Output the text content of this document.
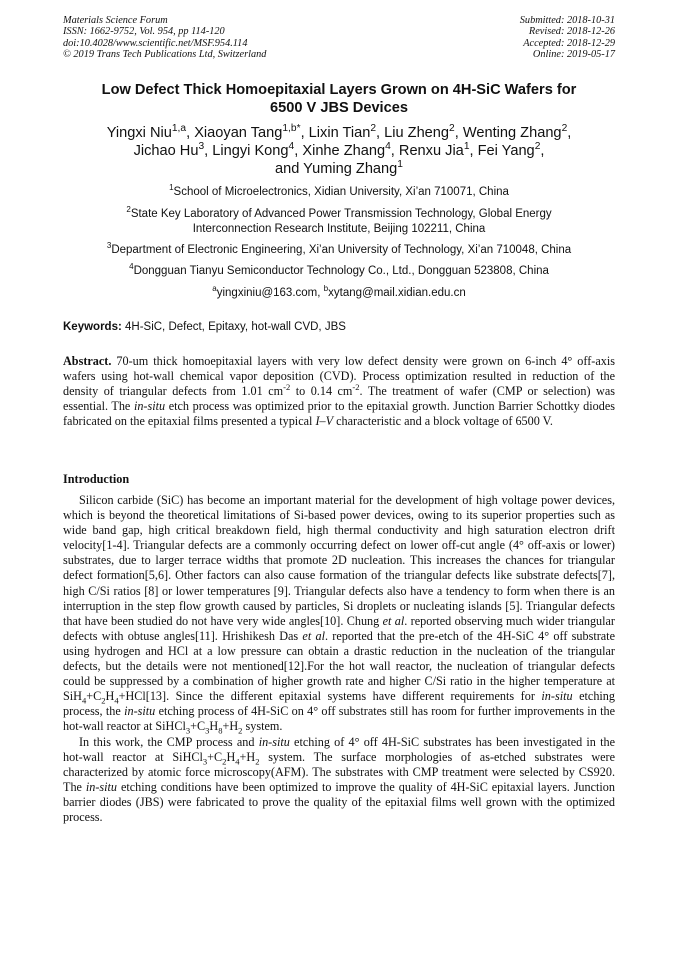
Materials Science Forum
ISSN: 1662-9752, Vol. 954, pp 114-120
doi:10.4028/www.scientific.net/MSF.954.114
© 2019 Trans Tech Publications Ltd, Switzerland
Submitted: 2018-10-31
Revised: 2018-12-26
Accepted: 2018-12-29
Online: 2019-05-17
Low Defect Thick Homoepitaxial Layers Grown on 4H-SiC Wafers for
6500 V JBS Devices
Yingxi Niu$^{1,a}$, Xiaoyan Tang$^{1,b*}$, Lixin Tian$^2$, Liu Zheng$^2$, Wenting Zhang$^2$,
Jichao Hu$^3$, Lingyi Kong$^4$, Xinhe Zhang$^4$, Renxu Jia$^1$, Fei Yang$^2$,
and Yuming Zhang$^1$
$^1$School of Microelectronics, Xidian University, Xi’an 710071, China
$^2$State Key Laboratory of Advanced Power Transmission Technology, Global Energy
Interconnection Research Institute, Beijing 102211, China
$^3$Department of Electronic Engineering, Xi’an University of Technology, Xi’an 710048, China
$^4$Dongguan Tianyu Semiconductor Technology Co., Ltd., Dongguan 523808, China
$^a$yingxiniu@163.com, $^b$xytang@mail.xidian.edu.cn
Keywords: 4H-SiC, Defect, Epitaxy, hot-wall CVD, JBS
Abstract. 70-um thick homoepitaxial layers with very low defect density were grown on 6-inch 4° off-axis wafers using hot-wall chemical vapor deposition (CVD). Process optimization resulted in reduction of the density of triangular defects from 1.01 $cm^{-2}$ to 0.14 $cm^{-2}$. The treatment of wafer (CMP or selection) was essential. The in-situ etch process was optimized prior to the epitaxial growth. Junction Barrier Schottky diodes fabricated on the epitaxial films presented a typical I–V characteristic and a block voltage of 6500 V.
Introduction

Silicon carbide (SiC) has become an important material for the development of high voltage power devices, which is beyond the theoretical limitations of Si-based power devices, owing to its superior properties such as wide band gap, high critical breakdown field, high thermal conductivity and high saturation electron drift velocity[1-4]. Triangular defects are a commonly occurring defect on lower off-cut angle (4° off-axis or lower) substrates, due to larger terrace widths that promote 2D nucleation. This increases the chances for triangular defect formation[5,6]. Other factors can also cause formation of the triangular defects like substrate defects[7], high C/Si ratios [8] or lower temperatures [9]. Triangular defects also have a tendency to form when there is an interruption in the step flow growth caused by particles, Si droplets or nucleating islands [5]. Triangular defects that have been studied do not have very wide angles[10]. Chung et al. reported observing much wider triangular defects with obtuse angles[11]. Hrishikesh Das et al. reported that the pre-etch of the 4H-SiC 4° off substrate using hydrogen and HCl at a low pressure can obtain a drastic reduction in the nucleation of the triangular defects, but the details were not mentioned[12].For the hot wall reactor, the nucleation of triangular defects could be suppressed by a combination of higher growth rate and higher C/Si ratio in the higher temperature at $SiH_4+C_2H_4+HCl[13]$. Since the different epitaxial systems have different requirements for in-situ etching process, the in-situ etching process of 4H-SiC on 4° off substrates still has room for further improvements in the hot-wall reactor at $SiHCl_3+C_3H_8+H_2$ system.

In this work, the CMP process and in-situ etching of 4° off 4H-SiC substrates has been investigated in the hot-wall reactor at $SiHCl_3+C_2H_4+H_2$ system. The surface morphologies of as-etched substrates were characterized by atomic force microscopy(AFM). The substrates with CMP treatment were selected by CS920. The in-situ etching conditions have been optimized to improve the quality of 4H-SiC epitaxial layers. Junction barrier diodes (JBS) were fabricated to prove the quality of the epitaxial films well grown with the optimized process.
